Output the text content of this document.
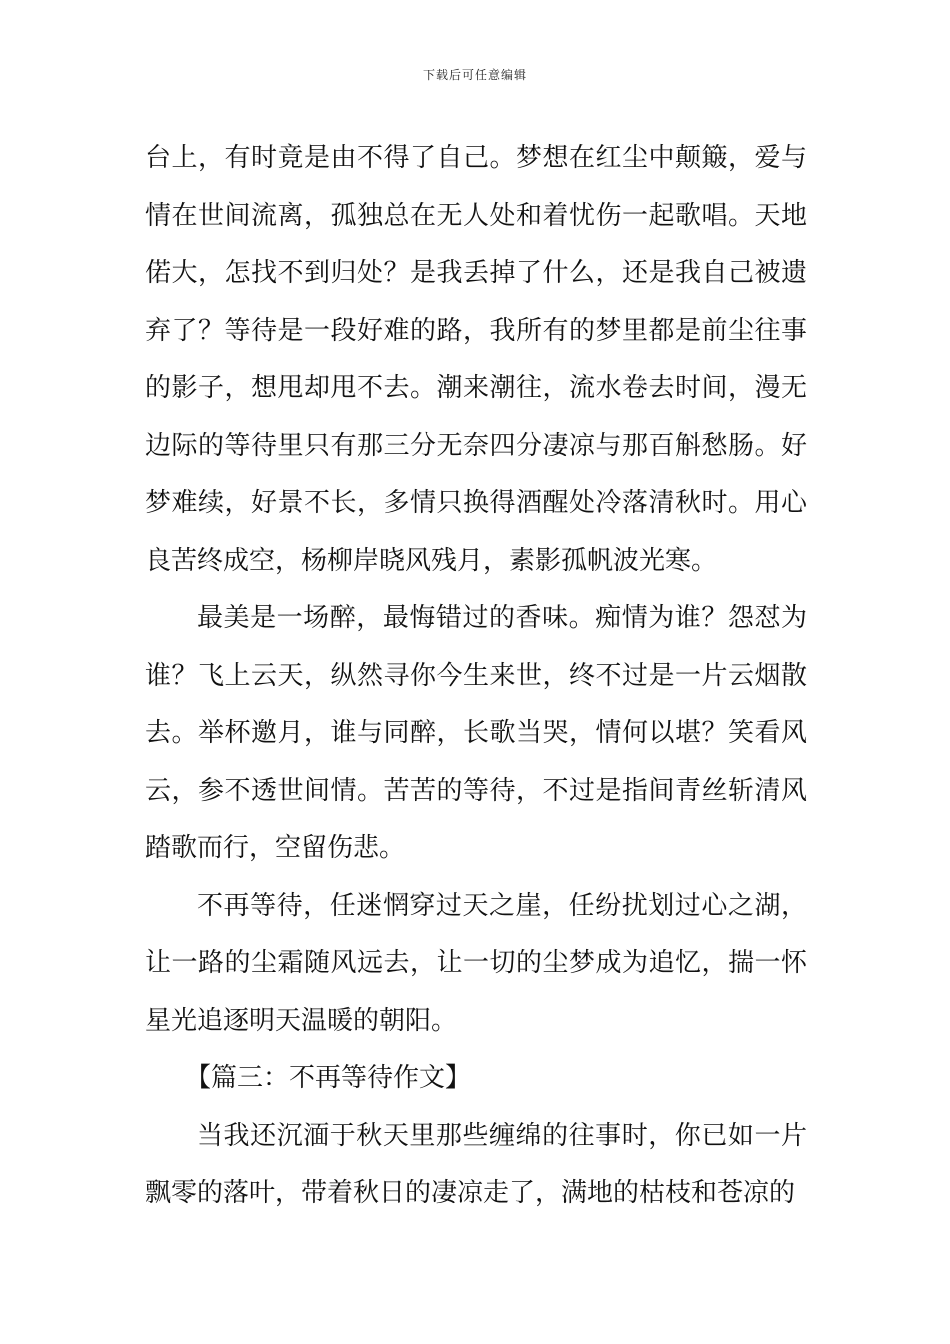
下载后可任意编辑

台上，有时竟是由不得了自己。梦想在红尘中颠簸，爱与情在世间流离，孤独总在无人处和着忧伤一起歌唱。天地偌大，怎找不到归处？是我丢掉了什么，还是我自己被遗弃了？等待是一段好难的路，我所有的梦里都是前尘往事的影子，想甩却甩不去。潮来潮往，流水卷去时间，漫无边际的等待里只有那三分无奈四分凄凉与那百斛愁肠。好梦难续，好景不长，多情只换得酒醒处冷落清秋时。用心良苦终成空，杨柳岸晓风残月，素影孤帆波光寒。

最美是一场醉，最悔错过的香味。痴情为谁？怨怼为谁？飞上云天，纵然寻你今生来世，终不过是一片云烟散去。举杯邀月，谁与同醉，长歌当哭，情何以堪？笑看风云，参不透世间情。苦苦的等待，不过是指间青丝斩清风踏歌而行，空留伤悲。

不再等待，任迷惘穿过天之崖，任纷扰划过心之湖，让一路的尘霜随风远去，让一切的尘梦成为追忆，揣一怀星光追逐明天温暖的朝阳。

【篇三：不再等待作文】

当我还沉湎于秋天里那些缠绵的往事时，你已如一片飘零的落叶，带着秋日的凄凉走了，满地的枯枝和苍凉的
